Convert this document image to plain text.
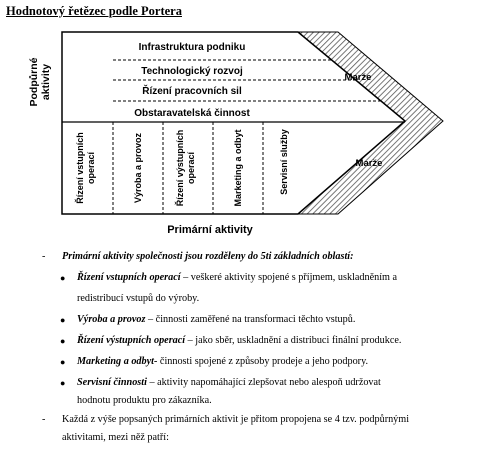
Hodnotový řetězec podle Portera
Infrastruktura podniku
Technologický rozvoj
Řízení pracovních sil
Obstaravatelská činnost
Podpůrné aktivity
Řízení vstupních operací	Výroba a provoz	Řízení výstupních operací	Marketing a odbyt	Servisní služby
Marže
Marže
Primární aktivity
- Primární aktivity společnosti jsou rozděleny do 5ti základních oblastí:
● Řízení vstupních operací – veškeré aktivity spojené s příjmem, uskladněním a
redistribucí vstupů do výroby.
● Výroba a provoz – činnosti zaměřené na transformaci těchto vstupů.
● Řízení výstupních operací – jako sběr, uskladnění a distribuci finální produkce.
● Marketing a odbyt- činnosti spojené z způsoby prodeje a jeho podpory.
● Servisní činnosti – aktivity napomáhající zlepšovat nebo alespoň udržovat
hodnotu produktu pro zákazníka.
- Každá z výše popsaných primárních aktivit je přitom propojena se 4 tzv. podpůrnými
aktivitami, mezi něž patří:
